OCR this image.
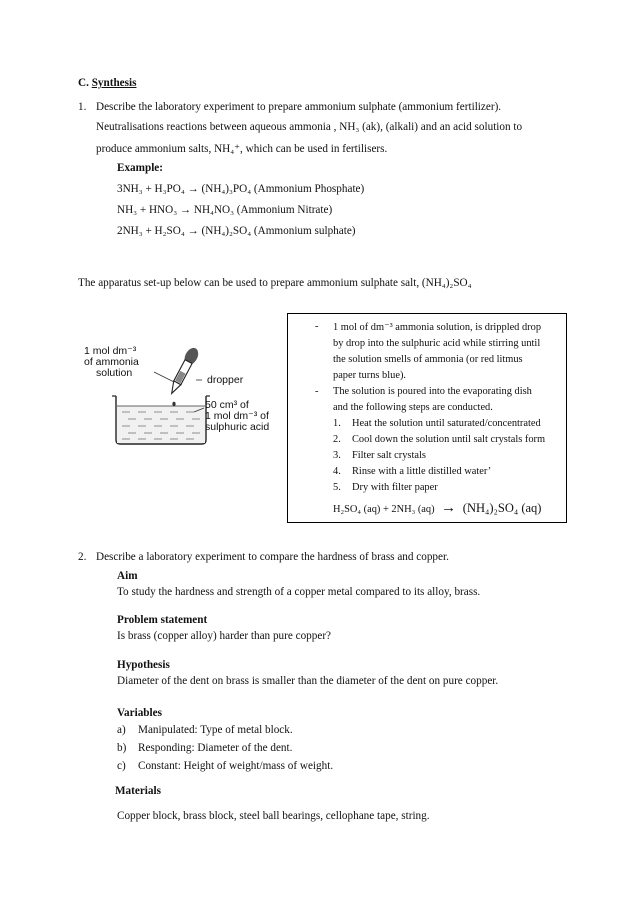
C. Synthesis
1. Describe the laboratory experiment to prepare ammonium sulphate (ammonium fertilizer).
Neutralisations reactions between aqueous ammonia , NH₃ (ak), (alkali) and an acid solution to
produce ammonium salts, NH₄⁺, which can be used in fertilisers.
Example:
3NH₃ + H₃PO₄ → (NH₄)₃PO₄ (Ammonium Phosphate)
NH₃ + HNO₃ → NH₄NO₃ (Ammonium Nitrate)
2NH₃ + H₂SO₄ → (NH₄)₂SO₄ (Ammonium sulphate)
The apparatus set-up below can be used to prepare ammonium sulphate salt, (NH₄)₂SO₄
1 mol dm⁻³
of ammonia
solution
dropper
50 cm³ of
1 mol dm⁻³ of
sulphuric acid
- 1 mol of dm⁻³ ammonia solution, is drippled drop
by drop into the sulphuric acid while stirring until
the solution smells of ammonia (or red litmus
paper turns blue).
- The solution is poured into the evaporating dish
and the following steps are conducted.
1. Heat the solution until saturated/concentrated
2. Cool down the solution until salt crystals form
3. Filter salt crystals
4. Rinse with a little distilled water’
5. Dry with filter paper
H₂SO₄ (aq) + 2NH₃ (aq) → (NH₄)₂SO₄ (aq)
2. Describe a laboratory experiment to compare the hardness of brass and copper.
Aim
To study the hardness and strength of a copper metal compared to its alloy, brass.
Problem statement
Is brass (copper alloy) harder than pure copper?
Hypothesis
Diameter of the dent on brass is smaller than the diameter of the dent on pure copper.
Variables
a) Manipulated: Type of metal block.
b) Responding: Diameter of the dent.
c) Constant: Height of weight/mass of weight.
Materials
Copper block, brass block, steel ball bearings, cellophane tape, string.
